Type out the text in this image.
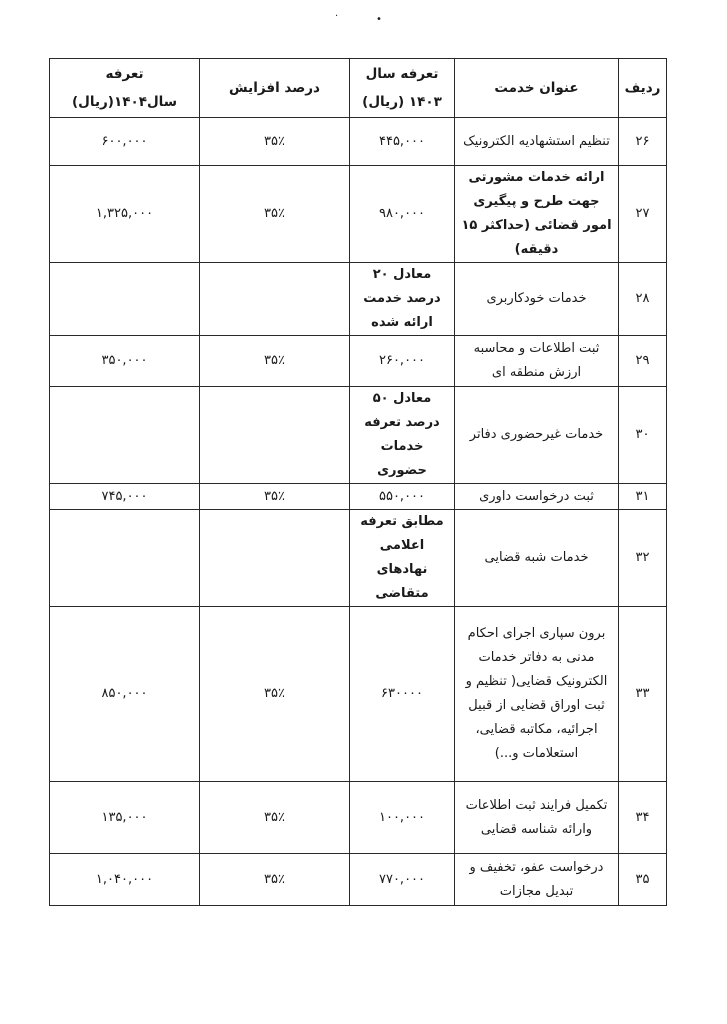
·	•
ردیف	عنوان خدمت	تعرفه سال ۱۴۰۳ (ریال)	درصد افزایش	تعرفه سال۱۴۰۴(ریال)
۲۶	تنظیم استشهادیه الکترونیک	۴۴۵,۰۰۰	۳۵٪	۶۰۰,۰۰۰
۲۷	ارائه خدمات مشورتی جهت طرح و پیگیری امور قضائی (حداکثر ۱۵ دقیقه)	۹۸۰,۰۰۰	۳۵٪	۱,۳۲۵,۰۰۰
۲۸	خدمات خودکاربری	معادل ۲۰ درصد خدمت ارائه شده		
۲۹	ثبت اطلاعات و محاسبه ارزش منطقه ای	۲۶۰,۰۰۰	۳۵٪	۳۵۰,۰۰۰
۳۰	خدمات غیرحضوری دفاتر	معادل ۵۰ درصد تعرفه خدمات حضوری		
۳۱	ثبت درخواست داوری	۵۵۰,۰۰۰	۳۵٪	۷۴۵,۰۰۰
۳۲	خدمات شبه قضایی	مطابق تعرفه اعلامی نهادهای متقاضی		
۳۳	برون سپاری اجرای احکام مدنی به دفاتر خدمات الکترونیک قضایی( تنظیم و ثبت اوراق قضایی از قبیل اجرائیه، مکاتبه قضایی، استعلامات و...)	۶۳۰۰۰۰	۳۵٪	۸۵۰,۰۰۰
۳۴	تکمیل فرایند ثبت اطلاعات وارائه شناسه قضایی	۱۰۰,۰۰۰	۳۵٪	۱۳۵,۰۰۰
۳۵	درخواست عفو، تخفیف و تبدیل مجازات	۷۷۰,۰۰۰	۳۵٪	۱,۰۴۰,۰۰۰
